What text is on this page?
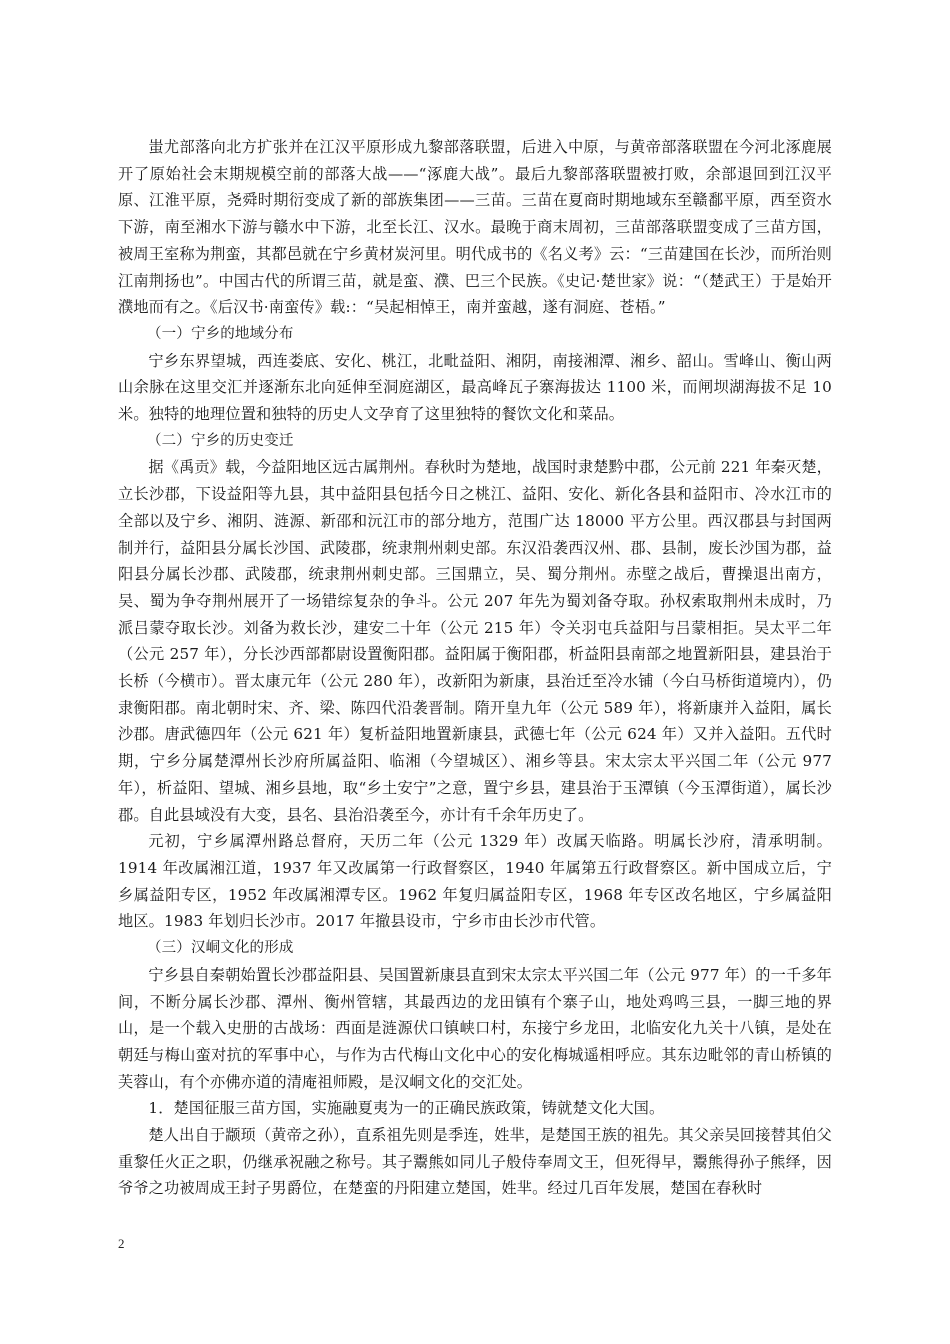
蚩尤部落向北方扩张并在江汉平原形成九黎部落联盟，后进入中原，与黄帝部落联盟在今河北涿鹿展开了原始社会末期规模空前的部落大战——“涿鹿大战”。最后九黎部落联盟被打败，余部退回到江汉平原、江淮平原，尧舜时期衍变成了新的部族集团——三苗。三苗在夏商时期地域东至赣鄱平原，西至资水下游，南至湘水下游与赣水中下游，北至长江、汉水。最晚于商末周初，三苗部落联盟变成了三苗方国，被周王室称为荆蛮，其都邑就在宁乡黄材炭河里。明代成书的《名义考》云：“三苗建国在长沙，而所治则江南荆扬也”。中国古代的所谓三苗，就是蛮、濮、巴三个民族。《史记·楚世家》说：“（楚武王）于是始开濮地而有之。《后汉书·南蛮传》载:：“吴起相悼王，南并蛮越，遂有洞庭、苍梧。”

（一）宁乡的地域分布

宁乡东界望城，西连娄底、安化、桃江，北毗益阳、湘阴，南接湘潭、湘乡、韶山。雪峰山、衡山两山余脉在这里交汇并逐渐东北向延伸至洞庭湖区，最高峰瓦子寨海拔达 1100 米，而闸坝湖海拔不足 10 米。独特的地理位置和独特的历史人文孕育了这里独特的餐饮文化和菜品。

（二）宁乡的历史变迁

据《禹贡》载，今益阳地区远古属荆州。春秋时为楚地，战国时隶楚黔中郡，公元前 221 年秦灭楚，立长沙郡，下设益阳等九县，其中益阳县包括今日之桃江、益阳、安化、新化各县和益阳市、冷水江市的全部以及宁乡、湘阴、涟源、新邵和沅江市的部分地方，范围广达 18000 平方公里。西汉郡县与封国两制并行，益阳县分属长沙国、武陵郡，统隶荆州刺史部。东汉沿袭西汉州、郡、县制，废长沙国为郡，益阳县分属长沙郡、武陵郡，统隶荆州刺史部。三国鼎立，吴、蜀分荆州。赤壁之战后，曹操退出南方，吴、蜀为争夺荆州展开了一场错综复杂的争斗。公元 207 年先为蜀刘备夺取。孙权索取荆州未成时，乃派吕蒙夺取长沙。刘备为救长沙，建安二十年（公元 215 年）令关羽屯兵益阳与吕蒙相拒。吴太平二年（公元 257 年），分长沙西部都尉设置衡阳郡。益阳属于衡阳郡，析益阳县南部之地置新阳县，建县治于长桥（今横市）。晋太康元年（公元 280 年），改新阳为新康，县治迁至冷水铺（今白马桥街道境内），仍隶衡阳郡。南北朝时宋、齐、梁、陈四代沿袭晋制。隋开皇九年（公元 589 年），将新康并入益阳，属长沙郡。唐武德四年（公元 621 年）复析益阳地置新康县，武德七年（公元 624 年）又并入益阳。五代时期，宁乡分属楚潭州长沙府所属益阳、临湘（今望城区）、湘乡等县。宋太宗太平兴国二年（公元 977 年），析益阳、望城、湘乡县地，取“乡土安宁”之意，置宁乡县，建县治于玉潭镇（今玉潭街道），属长沙郡。自此县域没有大变，县名、县治沿袭至今，亦计有千余年历史了。

元初，宁乡属潭州路总督府，天历二年（公元 1329 年）改属天临路。明属长沙府，清承明制。1914 年改属湘江道，1937 年又改属第一行政督察区，1940 年属第五行政督察区。新中国成立后，宁乡属益阳专区，1952 年改属湘潭专区。1962 年复归属益阳专区，1968 年专区改名地区，宁乡属益阳地区。1983 年划归长沙市。2017 年撤县设市，宁乡市由长沙市代管。

（三）汉峒文化的形成

宁乡县自秦朝始置长沙郡益阳县、吴国置新康县直到宋太宗太平兴国二年（公元 977 年）的一千多年间，不断分属长沙郡、潭州、衡州管辖，其最西边的龙田镇有个寨子山，地处鸡鸣三县，一脚三地的界山，是一个载入史册的古战场：西面是涟源伏口镇峡口村，东接宁乡龙田，北临安化九关十八镇，是处在朝廷与梅山蛮对抗的军事中心，与作为古代梅山文化中心的安化梅城遥相呼应。其东边毗邻的青山桥镇的芙蓉山，有个亦佛亦道的清庵祖师殿，是汉峒文化的交汇处。

1．楚国征服三苗方国，实施融夏夷为一的正确民族政策，铸就楚文化大国。

楚人出自于颛顼（黄帝之孙），直系祖先则是季连，姓芈，是楚国王族的祖先。其父亲吴回接替其伯父重黎任火正之职，仍继承祝融之称号。其子鬻熊如同儿子般侍奉周文王，但死得早，鬻熊得孙子熊绎，因爷爷之功被周成王封子男爵位，在楚蛮的丹阳建立楚国，姓芈。经过几百年发展，楚国在春秋时

2
